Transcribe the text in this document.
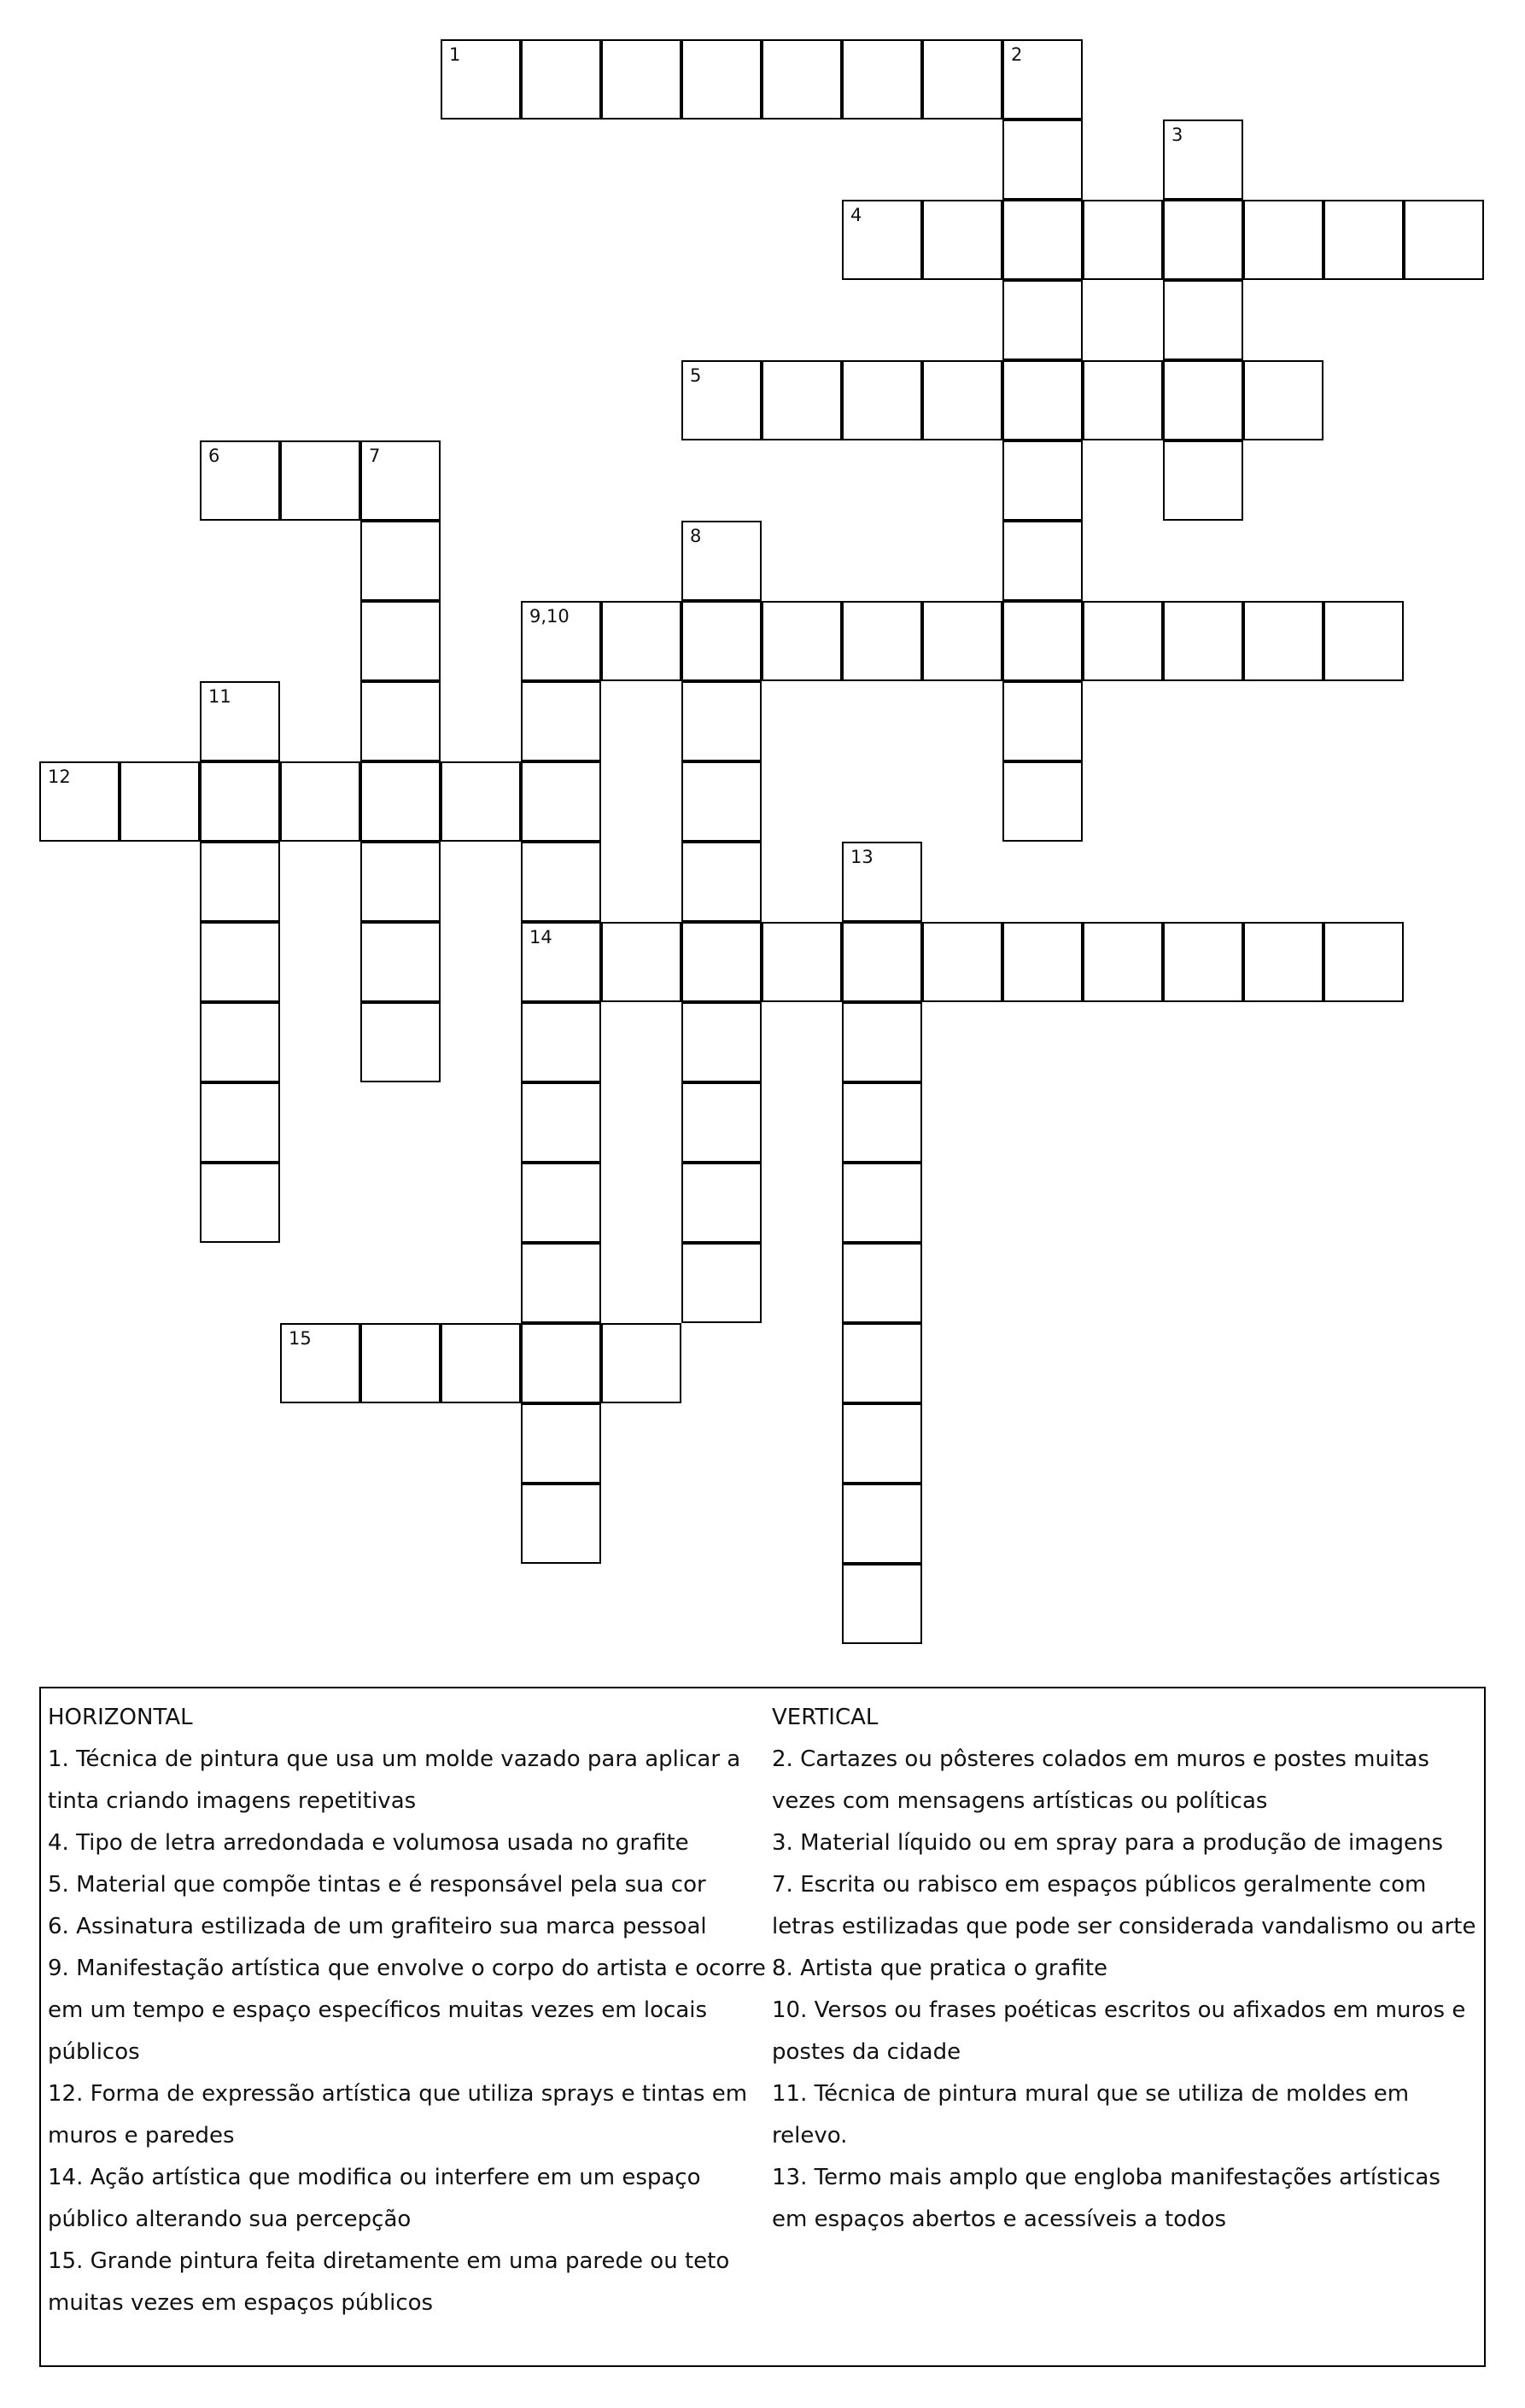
1	2
3
4
5
6	7
8
9,10
14
11
12
13
15
HORIZONTAL
1. Técnica de pintura que usa um molde vazado para aplicar a tinta criando imagens repetitivas
4. Tipo de letra arredondada e volumosa usada no grafite
5. Material que compõe tintas e é responsável pela sua cor
6. Assinatura estilizada de um grafiteiro sua marca pessoal
9. Manifestação artística que envolve o corpo do artista e ocorre em um tempo e espaço específicos muitas vezes em locais públicos
12. Forma de expressão artística que utiliza sprays e tintas em muros e paredes
14. Ação artística que modifica ou interfere em um espaço público alterando sua percepção
15. Grande pintura feita diretamente em uma parede ou teto muitas vezes em espaços públicos
VERTICAL
2. Cartazes ou pôsteres colados em muros e postes muitas vezes com mensagens artísticas ou políticas
3. Material líquido ou em spray para a produção de imagens
7. Escrita ou rabisco em espaços públicos geralmente com letras estilizadas que pode ser considerada vandalismo ou arte
8. Artista que pratica o grafite
10. Versos ou frases poéticas escritos ou afixados em muros e postes da cidade
11. Técnica de pintura mural que se utiliza de moldes em relevo.
13. Termo mais amplo que engloba manifestações artísticas em espaços abertos e acessíveis a todos
